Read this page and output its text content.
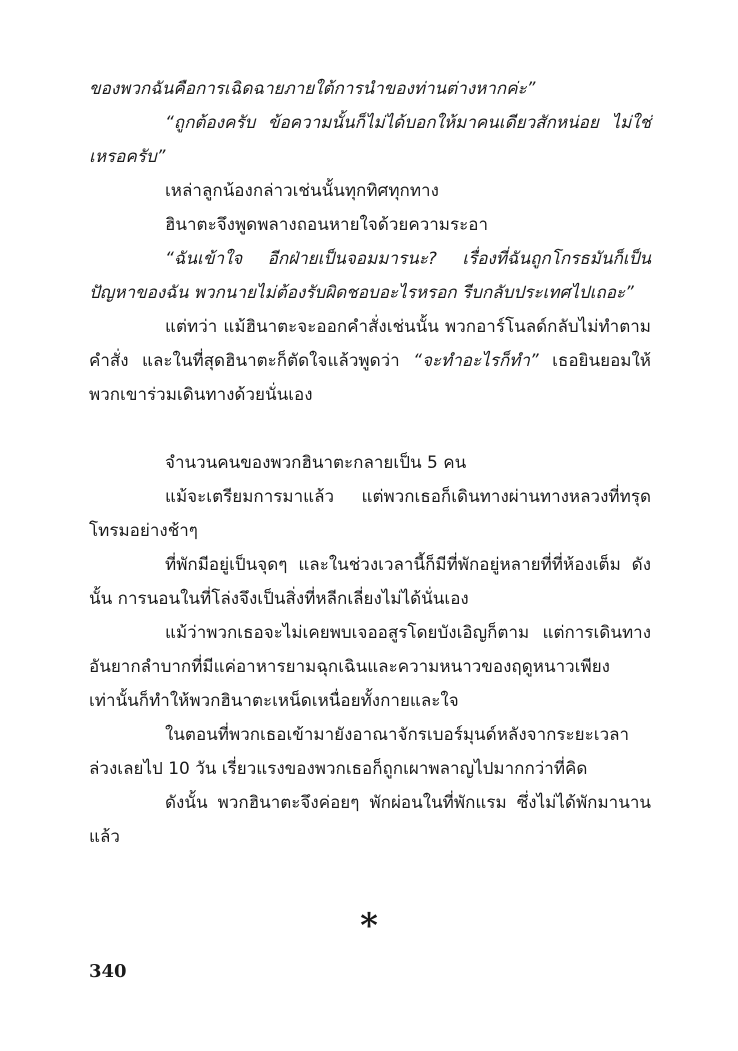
ของพวกฉันคือการเฉิดฉายภายใต้การนำของท่านต่างหากค่ะ”

“ถูกต้องครับ ข้อความนั้นก็ไม่ได้บอกให้มาคนเดียวสักหน่อย ไม่ใช่เหรอครับ”

เหล่าลูกน้องกล่าวเช่นนั้นทุกทิศทุกทาง

ฮินาตะจึงพูดพลางถอนหายใจด้วยความระอา

“ฉันเข้าใจ อีกฝ่ายเป็นจอมมารนะ? เรื่องที่ฉันถูกโกรธมันก็เป็นปัญหาของฉัน พวกนายไม่ต้องรับผิดชอบอะไรหรอก รีบกลับประเทศไปเถอะ”

แต่ทว่า แม้ฮินาตะจะออกคำสั่งเช่นนั้น พวกอาร์โนลด์กลับไม่ทำตามคำสั่ง และในที่สุดฮินาตะก็ตัดใจแล้วพูดว่า “จะทำอะไรก็ทำ” เธอยินยอมให้พวกเขาร่วมเดินทางด้วยนั่นเอง

จำนวนคนของพวกฮินาตะกลายเป็น 5 คน

แม้จะเตรียมการมาแล้ว แต่พวกเธอก็เดินทางผ่านทางหลวงที่ทรุดโทรมอย่างช้าๆ

ที่พักมีอยู่เป็นจุดๆ และในช่วงเวลานี้ก็มีที่พักอยู่หลายที่ที่ห้องเต็ม ดังนั้น การนอนในที่โล่งจึงเป็นสิ่งที่หลีกเลี่ยงไม่ได้นั่นเอง

แม้ว่าพวกเธอจะไม่เคยพบเจออสูรโดยบังเอิญก็ตาม แต่การเดินทางอันยากลำบากที่มีแค่อาหารยามฉุกเฉินและความหนาวของฤดูหนาวเพียงเท่านั้นก็ทำให้พวกฮินาตะเหน็ดเหนื่อยทั้งกายและใจ

ในตอนที่พวกเธอเข้ามายังอาณาจักรเบอร์มุนด์หลังจากระยะเวลาล่วงเลยไป 10 วัน เรี่ยวแรงของพวกเธอก็ถูกเผาพลาญไปมากกว่าที่คิด

ดังนั้น พวกฮินาตะจึงค่อยๆ พักผ่อนในที่พักแรม ซึ่งไม่ได้พักมานานแล้ว

*
340
